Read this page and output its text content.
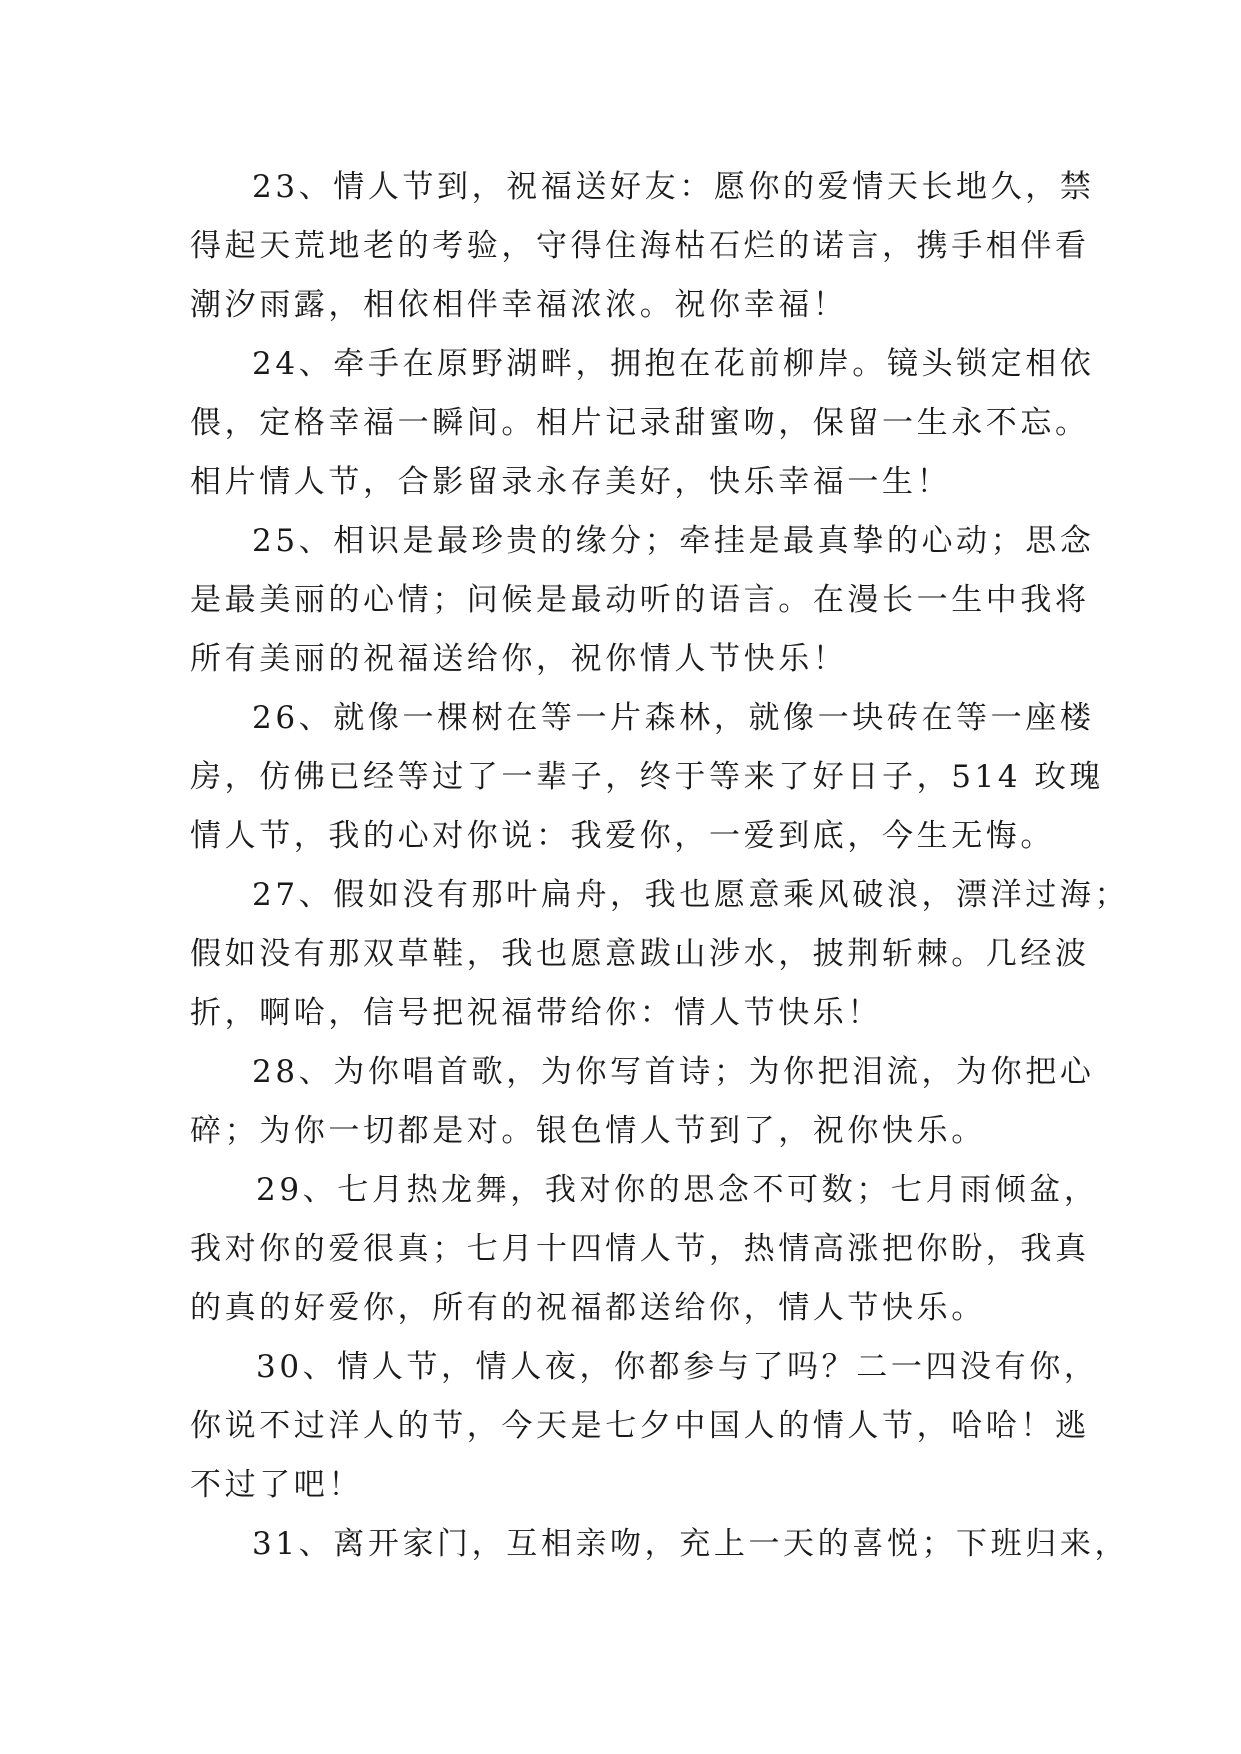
23、情人节到，祝福送好友：愿你的爱情天长地久，禁
得起天荒地老的考验，守得住海枯石烂的诺言，携手相伴看
潮汐雨露，相依相伴幸福浓浓。祝你幸福！
24、牵手在原野湖畔，拥抱在花前柳岸。镜头锁定相依
偎，定格幸福一瞬间。相片记录甜蜜吻，保留一生永不忘。
相片情人节，合影留录永存美好，快乐幸福一生！
25、相识是最珍贵的缘分；牵挂是最真挚的心动；思念
是最美丽的心情；问候是最动听的语言。在漫长一生中我将
所有美丽的祝福送给你，祝你情人节快乐！
26、就像一棵树在等一片森林，就像一块砖在等一座楼
房，仿佛已经等过了一辈子，终于等来了好日子，514 玫瑰
情人节，我的心对你说：我爱你，一爱到底，今生无悔。
27、假如没有那叶扁舟，我也愿意乘风破浪，漂洋过海；
假如没有那双草鞋，我也愿意跋山涉水，披荆斩棘。几经波
折，啊哈，信号把祝福带给你：情人节快乐！
28、为你唱首歌，为你写首诗；为你把泪流，为你把心
碎；为你一切都是对。银色情人节到了，祝你快乐。
29、七月热龙舞，我对你的思念不可数；七月雨倾盆，
我对你的爱很真；七月十四情人节，热情高涨把你盼，我真
的真的好爱你，所有的祝福都送给你，情人节快乐。
30、情人节，情人夜，你都参与了吗？二一四没有你，
你说不过洋人的节，今天是七夕中国人的情人节，哈哈！逃
不过了吧！
31、离开家门，互相亲吻，充上一天的喜悦；下班归来，
